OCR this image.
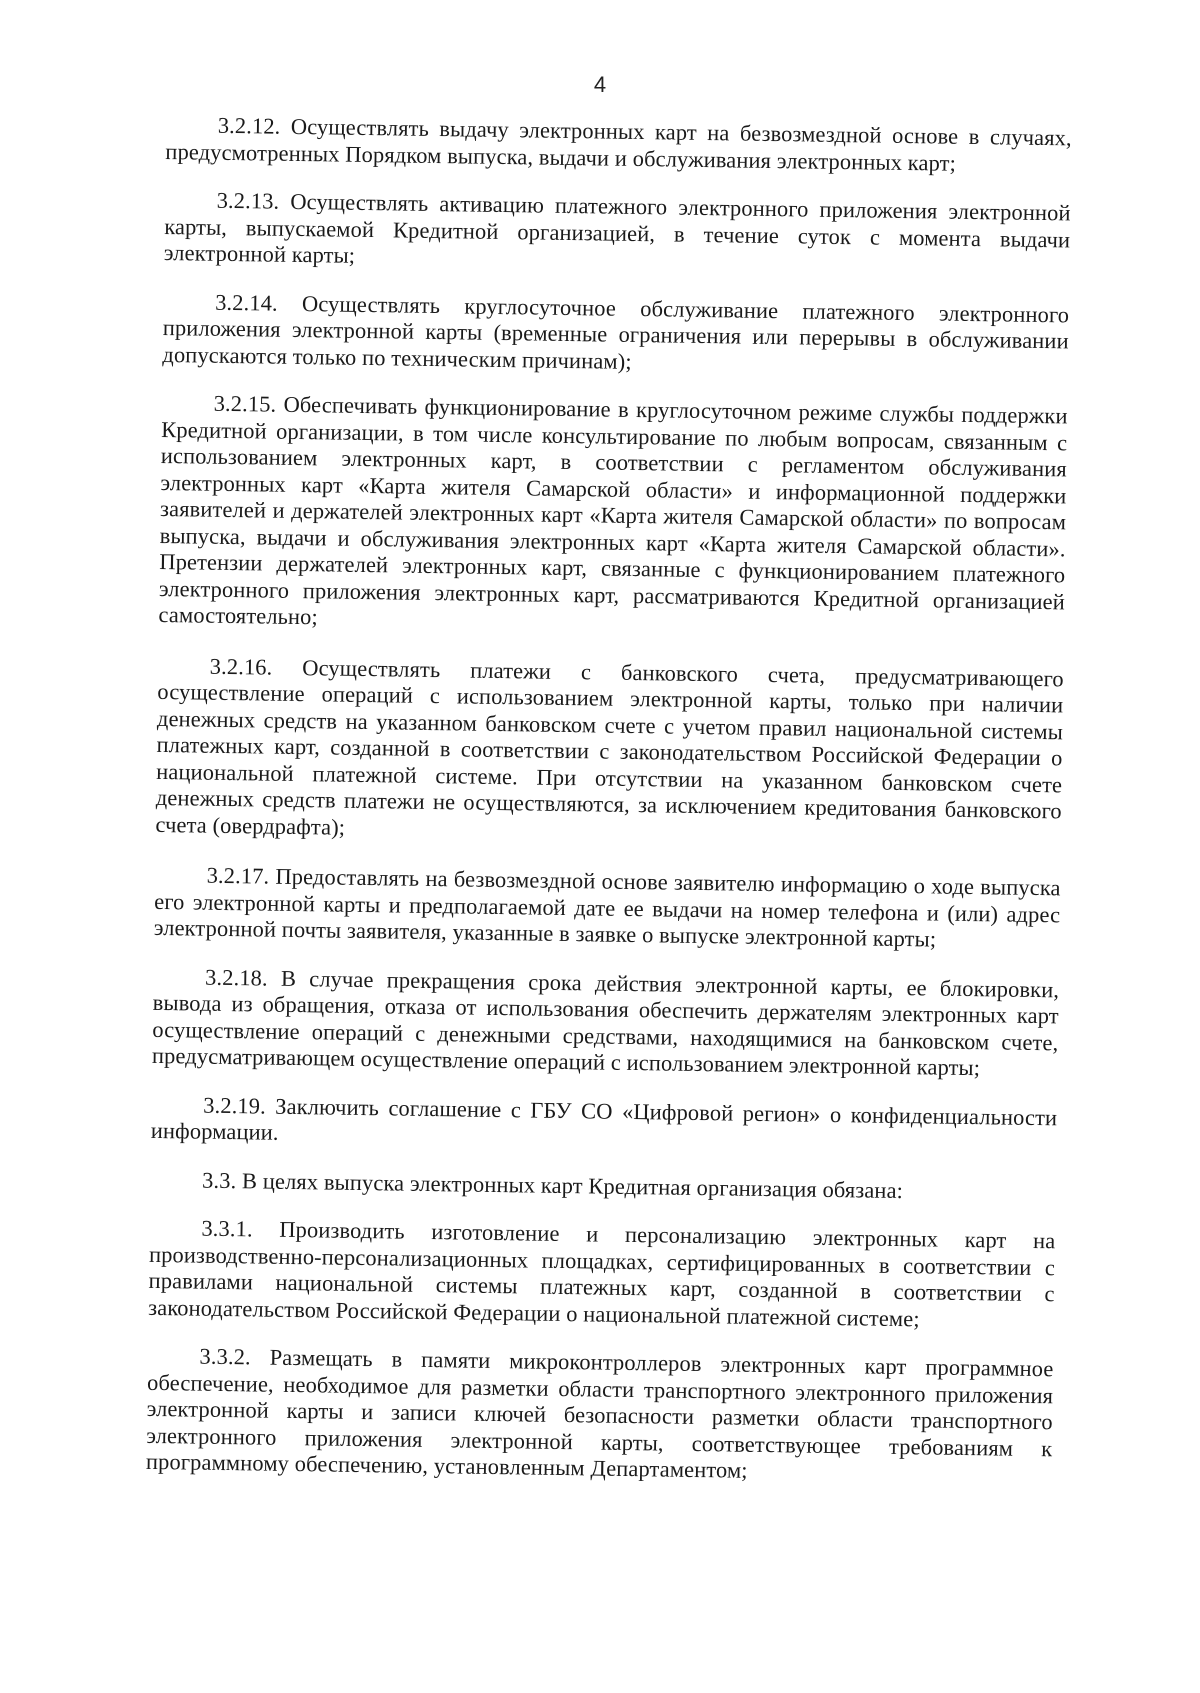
4

3.2.12. Осуществлять выдачу электронных карт на безвозмездной основе в случаях, предусмотренных Порядком выпуска, выдачи и обслуживания электронных карт;

3.2.13. Осуществлять активацию платежного электронного приложения электронной карты, выпускаемой Кредитной организацией, в течение суток с момента выдачи электронной карты;

3.2.14. Осуществлять круглосуточное обслуживание платежного электронного приложения электронной карты (временные ограничения или перерывы в обслуживании допускаются только по техническим причинам);

3.2.15. Обеспечивать функционирование в круглосуточном режиме службы поддержки Кредитной организации, в том числе консультирование по любым вопросам, связанным с использованием электронных карт, в соответствии с регламентом обслуживания электронных карт «Карта жителя Самарской области» и информационной поддержки заявителей и держателей электронных карт «Карта жителя Самарской области» по вопросам выпуска, выдачи и обслуживания электронных карт «Карта жителя Самарской области». Претензии держателей электронных карт, связанные с функционированием платежного электронного приложения электронных карт, рассматриваются Кредитной организацией самостоятельно;

3.2.16. Осуществлять платежи с банковского счета, предусматривающего осуществление операций с использованием электронной карты, только при наличии денежных средств на указанном банковском счете с учетом правил национальной системы платежных карт, созданной в соответствии с законодательством Российской Федерации о национальной платежной системе. При отсутствии на указанном банковском счете денежных средств платежи не осуществляются, за исключением кредитования банковского счета (овердрафта);

3.2.17. Предоставлять на безвозмездной основе заявителю информацию о ходе выпуска его электронной карты и предполагаемой дате ее выдачи на номер телефона и (или) адрес электронной почты заявителя, указанные в заявке о выпуске электронной карты;

3.2.18. В случае прекращения срока действия электронной карты, ее блокировки, вывода из обращения, отказа от использования обеспечить держателям электронных карт осуществление операций с денежными средствами, находящимися на банковском счете, предусматривающем осуществление операций с использованием электронной карты;

3.2.19. Заключить соглашение с ГБУ СО «Цифровой регион» о конфиденциальности информации.

3.3. В целях выпуска электронных карт Кредитная организация обязана:

3.3.1. Производить изготовление и персонализацию электронных карт на производственно-персонализационных площадках, сертифицированных в соответствии с правилами национальной системы платежных карт, созданной в соответствии с законодательством Российской Федерации о национальной платежной системе;

3.3.2. Размещать в памяти микроконтроллеров электронных карт программное обеспечение, необходимое для разметки области транспортного электронного приложения электронной карты и записи ключей безопасности разметки области транспортного электронного приложения электронной карты, соответствующее требованиям к программному обеспечению, установленным Департаментом;
